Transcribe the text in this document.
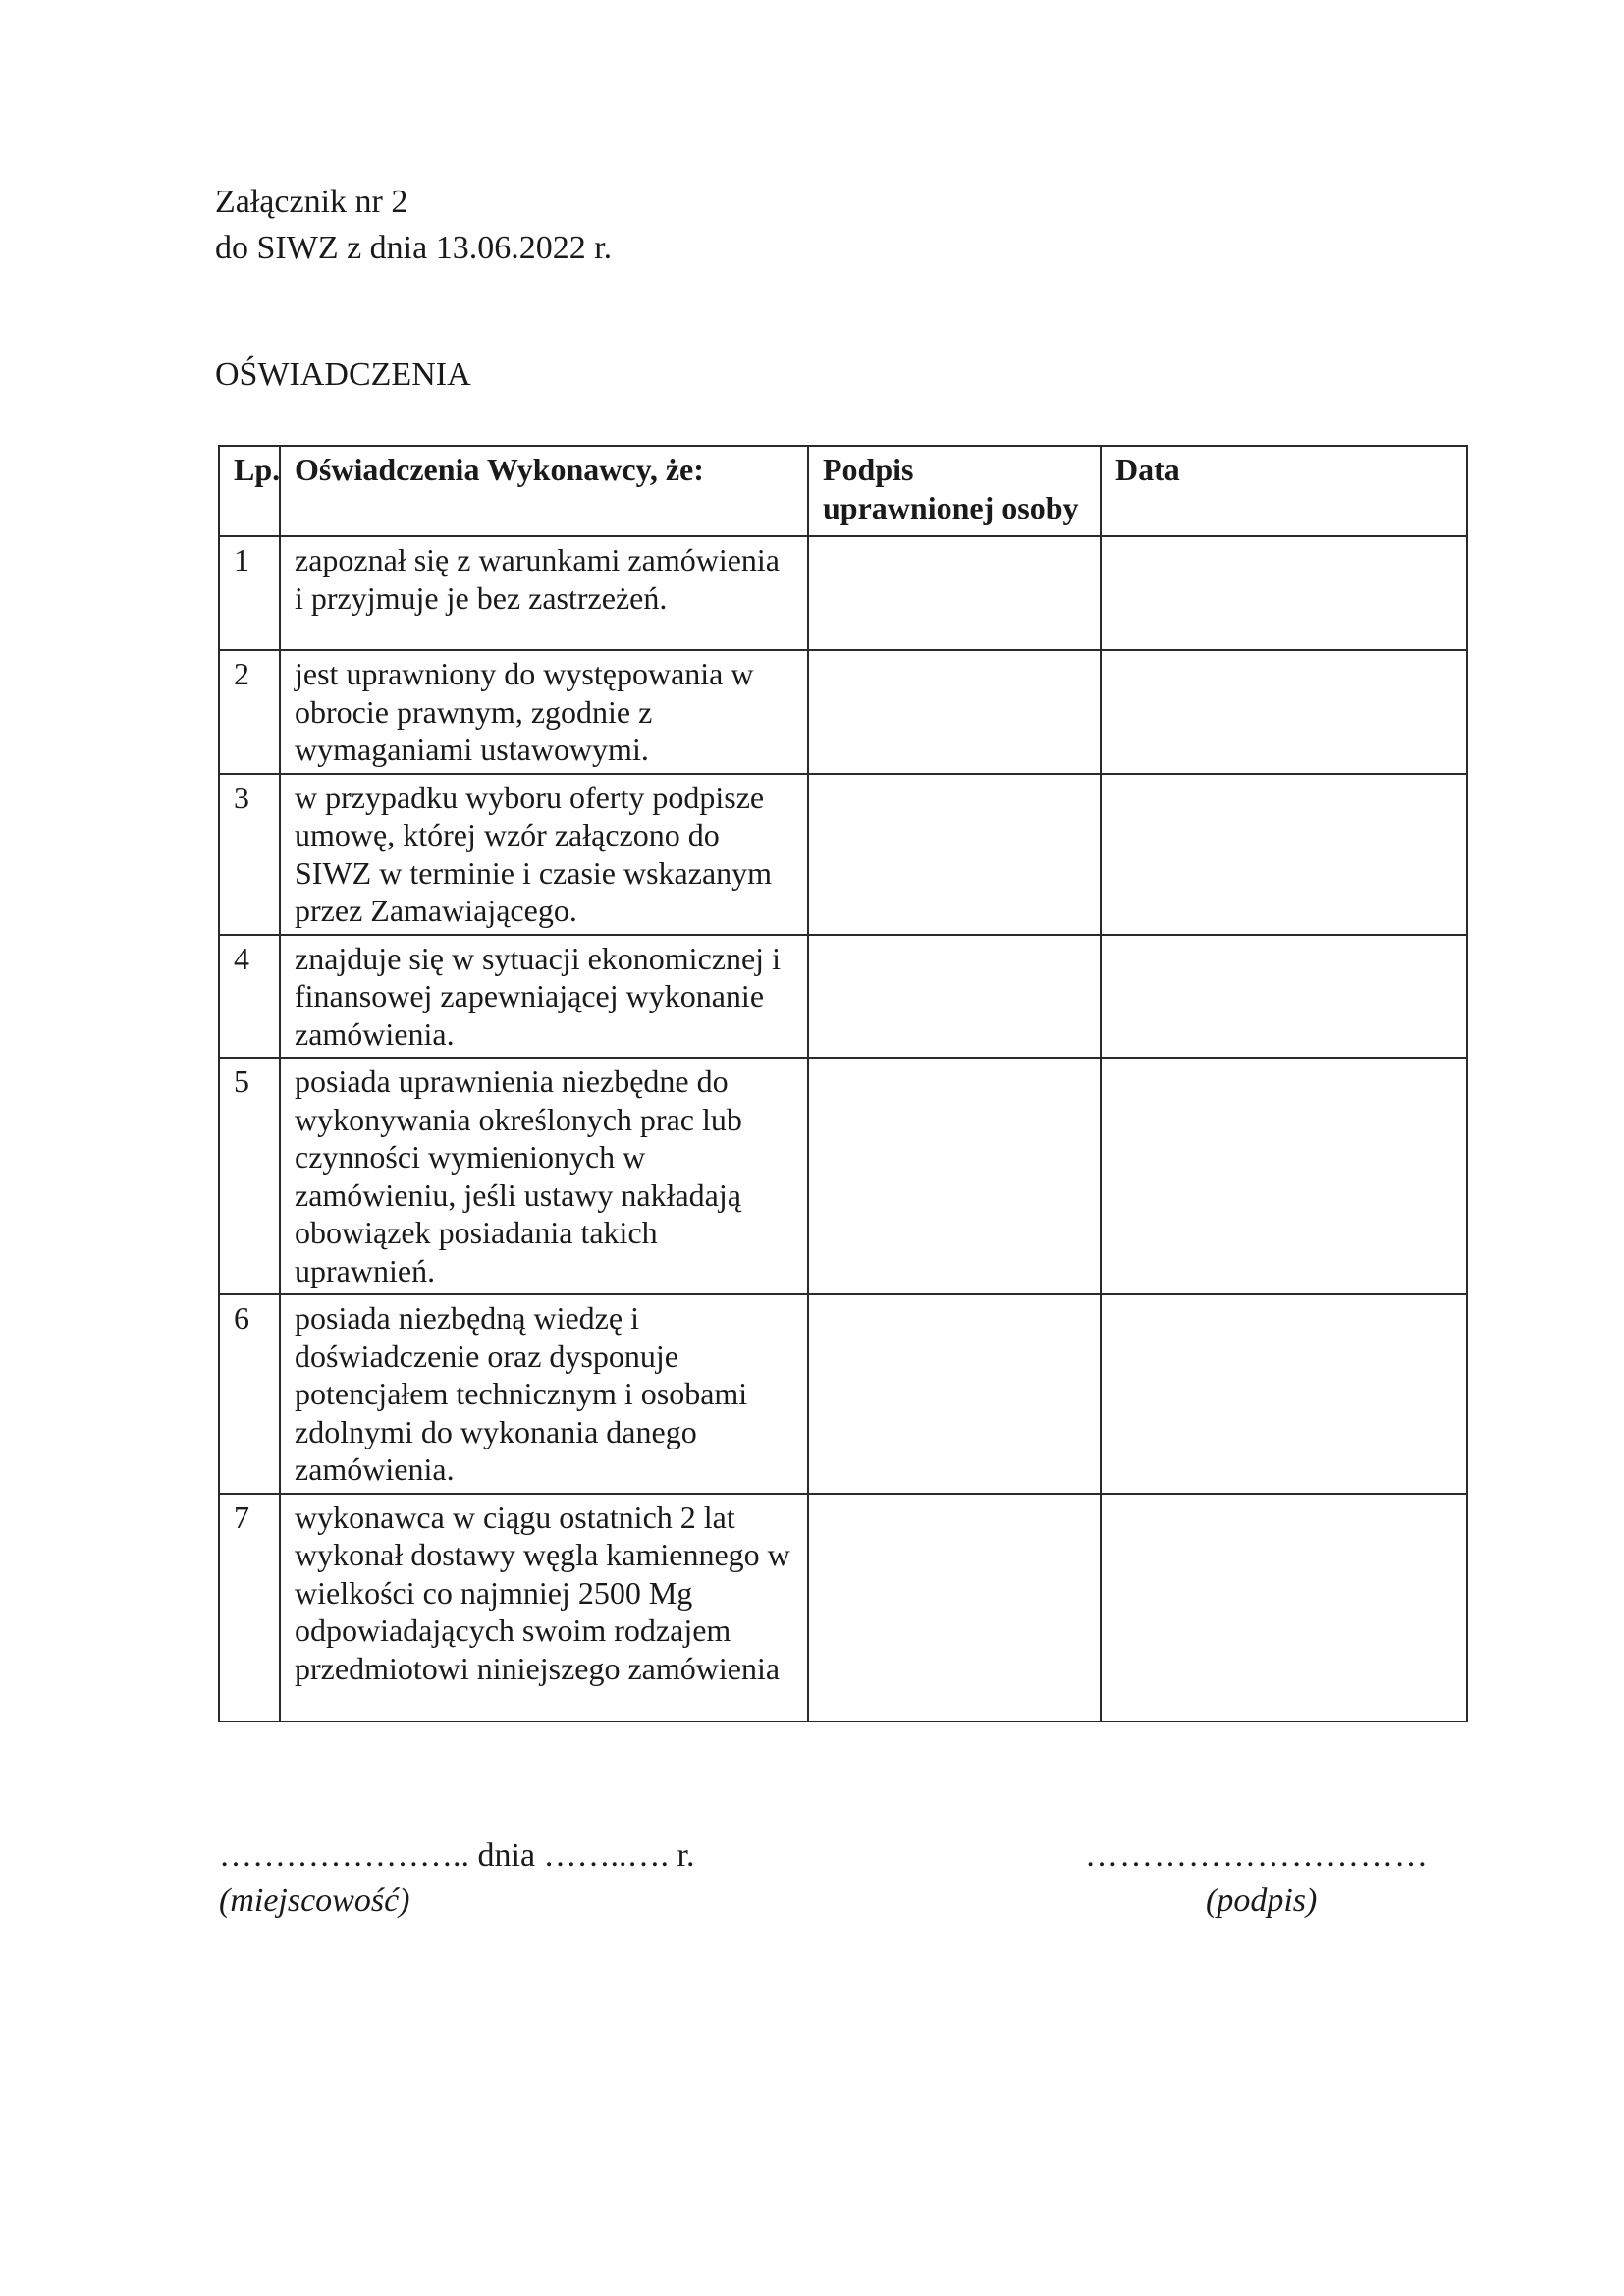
Załącznik nr 2
do SIWZ z dnia 13.06.2022 r.
OŚWIADCZENIA
Lp.	Oświadczenia Wykonawcy, że:	Podpis uprawnionej osoby	Data
1	zapoznał się z warunkami zamówienia i przyjmuje je bez zastrzeżeń.		
2	jest uprawniony do występowania w obrocie prawnym, zgodnie z wymaganiami ustawowymi.		
3	w przypadku wyboru oferty podpisze umowę, której wzór załączono do SIWZ w terminie i czasie wskazanym przez Zamawiającego.		
4	znajduje się w sytuacji ekonomicznej i finansowej zapewniającej wykonanie zamówienia.		
5	posiada uprawnienia niezbędne do wykonywania określonych prac lub czynności wymienionych w zamówieniu, jeśli ustawy nakładają obowiązek posiadania takich uprawnień.		
6	posiada niezbędną wiedzę i doświadczenie oraz dysponuje potencjałem technicznym i osobami zdolnymi do wykonania danego zamówienia.		
7	wykonawca w ciągu ostatnich 2 lat wykonał dostawy węgla kamiennego w wielkości co najmniej 2500 Mg odpowiadających swoim rodzajem przedmiotowi niniejszego zamówienia		
………………….. dnia ……..…. r.
(miejscowość)
…………………………
(podpis)
